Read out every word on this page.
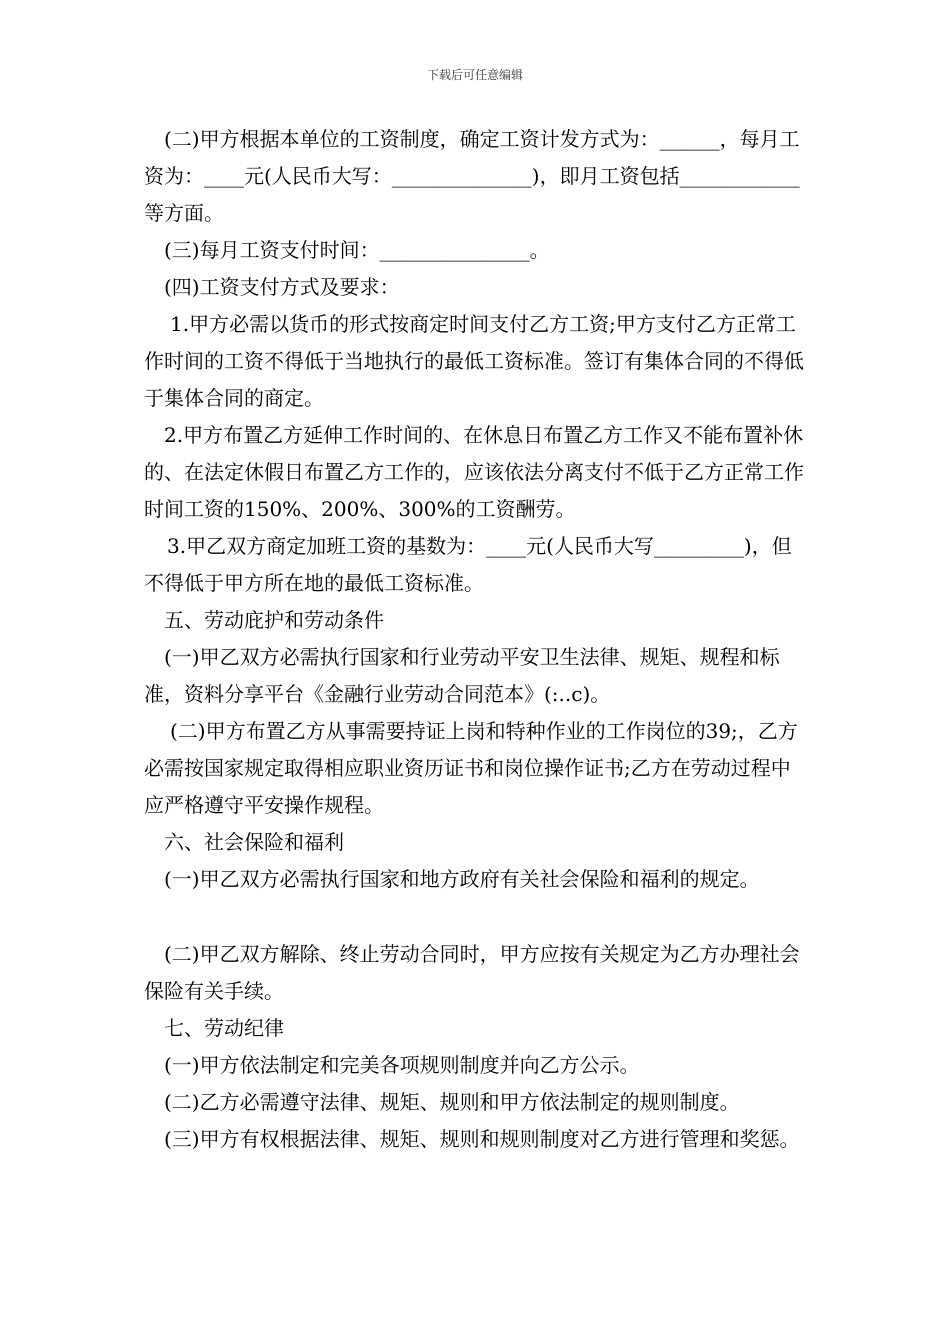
下载后可任意编辑

(二)甲方根据本单位的工资制度，确定工资计发方式为：______，每月工资为：____元(人民币大写：______________)，即月工资包括____________等方面。

(三)每月工资支付时间：_______________。

(四)工资支付方式及要求：

1.甲方必需以货币的形式按商定时间支付乙方工资;甲方支付乙方正常工作时间的工资不得低于当地执行的最低工资标准。签订有集体合同的不得低于集体合同的商定。

2.甲方布置乙方延伸工作时间的、在休息日布置乙方工作又不能布置补休的、在法定休假日布置乙方工作的，应该依法分离支付不低于乙方正常工作时间工资的150%、200%、300%的工资酬劳。

3.甲乙双方商定加班工资的基数为：____元(人民币大写_________)，但不得低于甲方所在地的最低工资标准。

五、劳动庇护和劳动条件

(一)甲乙双方必需执行国家和行业劳动平安卫生法律、规矩、规程和标准，资料分享平台《金融行业劳动合同范本》(:..c)。

(二)甲方布置乙方从事需要持证上岗和特种作业的工作岗位的39;，乙方必需按国家规定取得相应职业资历证书和岗位操作证书;乙方在劳动过程中应严格遵守平安操作规程。

六、社会保险和福利

(一)甲乙双方必需执行国家和地方政府有关社会保险和福利的规定。

(二)甲乙双方解除、终止劳动合同时，甲方应按有关规定为乙方办理社会保险有关手续。

七、劳动纪律

(一)甲方依法制定和完美各项规则制度并向乙方公示。

(二)乙方必需遵守法律、规矩、规则和甲方依法制定的规则制度。

(三)甲方有权根据法律、规矩、规则和规则制度对乙方进行管理和奖惩。
